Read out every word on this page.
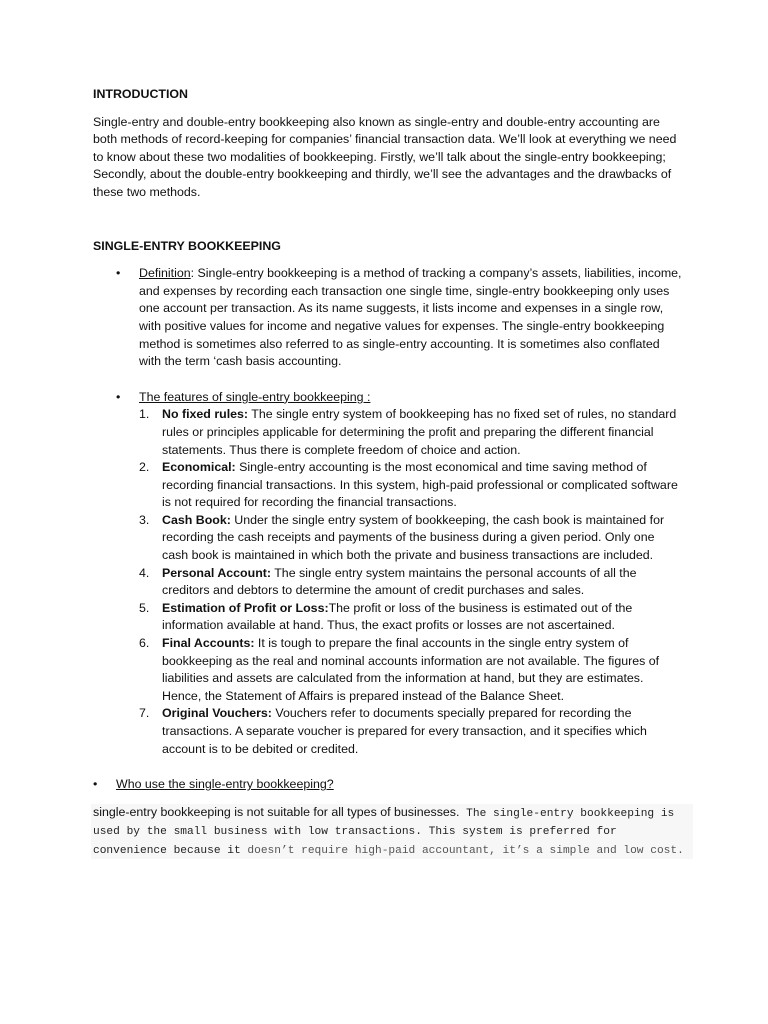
INTRODUCTION

Single-entry and double-entry bookkeeping also known as single-entry and double-entry accounting are both methods of record-keeping for companies’ financial transaction data. We’ll look at everything we need to know about these two modalities of bookkeeping. Firstly, we’ll talk about the single-entry bookkeeping; Secondly, about the double-entry bookkeeping and thirdly, we’ll see the advantages and the drawbacks of these two methods.

SINGLE-ENTRY BOOKKEEPING
• Definition: Single-entry bookkeeping is a method of tracking a company’s assets, liabilities, income, and expenses by recording each transaction one single time, single-entry bookkeeping only uses one account per transaction. As its name suggests, it lists income and expenses in a single row, with positive values for income and negative values for expenses. The single-entry bookkeeping method is sometimes also referred to as single-entry accounting. It is sometimes also conflated with the term ‘cash basis accounting.
• The features of single-entry bookkeeping :
1. No fixed rules: The single entry system of bookkeeping has no fixed set of rules, no standard rules or principles applicable for determining the profit and preparing the different financial statements. Thus there is complete freedom of choice and action.
2. Economical: Single-entry accounting is the most economical and time saving method of recording financial transactions. In this system, high-paid professional or complicated software is not required for recording the financial transactions.
3. Cash Book: Under the single entry system of bookkeeping, the cash book is maintained for recording the cash receipts and payments of the business during a given period. Only one cash book is maintained in which both the private and business transactions are included.
4. Personal Account: The single entry system maintains the personal accounts of all the creditors and debtors to determine the amount of credit purchases and sales.
5. Estimation of Profit or Loss:The profit or loss of the business is estimated out of the information available at hand. Thus, the exact profits or losses are not ascertained.
6. Final Accounts: It is tough to prepare the final accounts in the single entry system of bookkeeping as the real and nominal accounts information are not available. The figures of liabilities and assets are calculated from the information at hand, but they are estimates. Hence, the Statement of Affairs is prepared instead of the Balance Sheet.
7. Original Vouchers: Vouchers refer to documents specially prepared for recording the transactions. A separate voucher is prepared for every transaction, and it specifies which account is to be debited or credited.
• Who use the single-entry bookkeeping?
single-entry bookkeeping is not suitable for all types of businesses. The single-entry bookkeeping is used by the small business with low transactions. This system is preferred for convenience because it doesn’t require high-paid accountant, it’s a simple and low cost.
